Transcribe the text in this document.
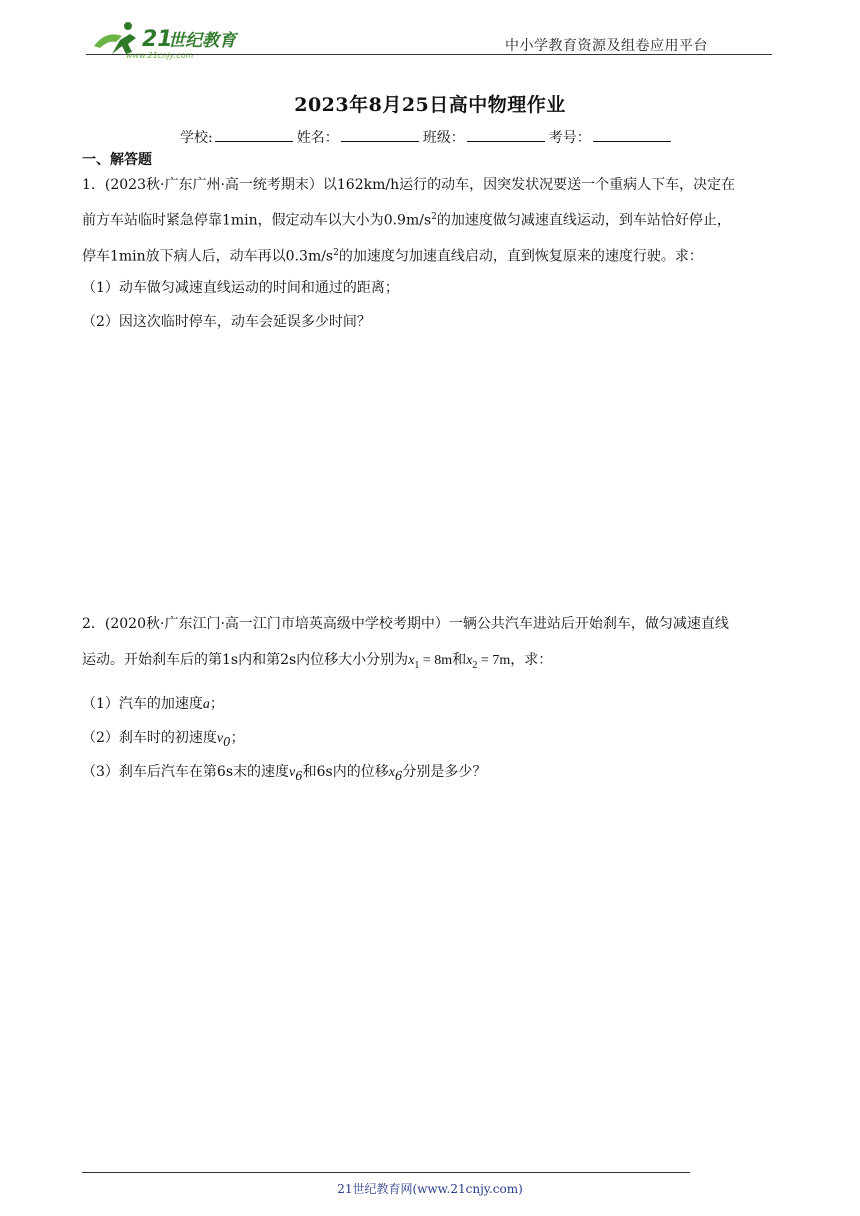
21
世纪教育
www.21cnjy.com
中小学教育资源及组卷应用平台
2023年8月25日高中物理作业
学校:	姓名：	班级：	考号：
一、解答题
1．(2023秋·广东广州·高一统考期末）以162km/h运行的动车，因突发状况要送一个重病人下车，决定在
前方车站临时紧急停靠1min，假定动车以大小为$0.9m/s^2$的加速度做匀减速直线运动，到车站恰好停止，
停车1min放下病人后，动车再以$0.3m/s^2$的加速度匀加速直线启动，直到恢复原来的速度行驶。求：
（1）动车做匀减速直线运动的时间和通过的距离；
（2）因这次临时停车，动车会延误多少时间？
2．(2020秋·广东江门·高一江门市培英高级中学校考期中）一辆公共汽车进站后开始刹车，做匀减速直线
运动。开始刹车后的第1s内和第2s内位移大小分别为$x_1 = 8m$和$x_2 = 7m$，求：
（1）汽车的加速度a；
（2）刹车时的初速度$v_0$；
（3）刹车后汽车在第6s末的速度$v_6$和6s内的位移$x_6$分别是多少？
21世纪教育网(www.21cnjy.com)
